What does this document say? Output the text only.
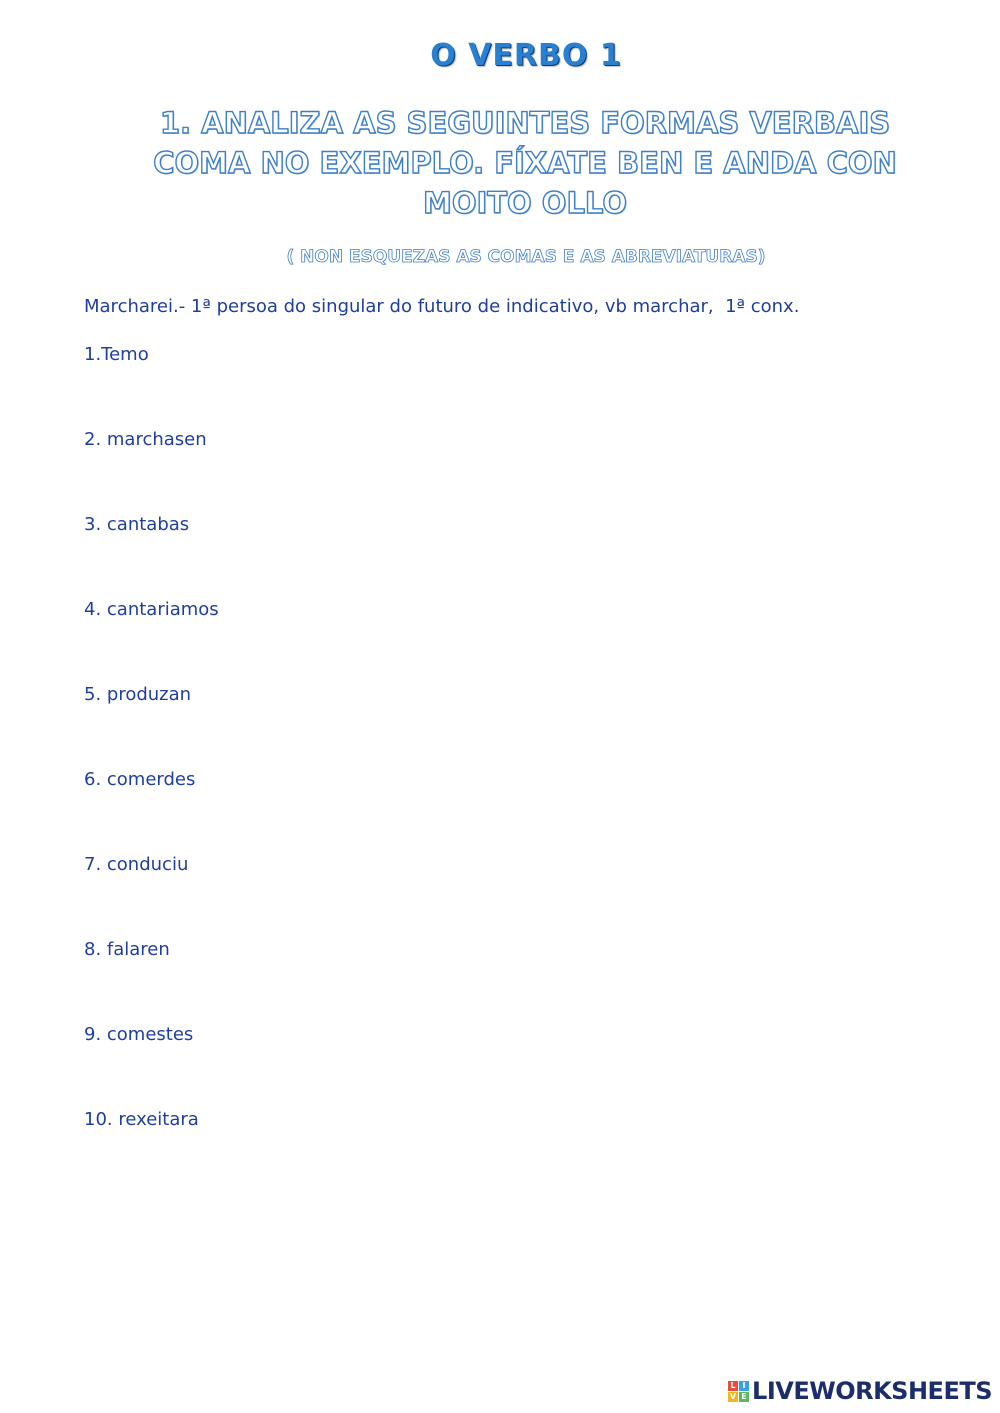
O VERBO 1
1. ANALIZA AS SEGUINTES FORMAS VERBAIS COMA NO EXEMPLO. FÍXATE BEN E ANDA CON MOITO OLLO
( NON ESQUEZAS AS COMAS E AS ABREVIATURAS)
Marcharei.- 1ª persoa do singular do futuro de indicativo, vb marchar,  1ª conx.
1.Temo
2. marchasen
3. cantabas
4. cantariamos
5. produzan
6. comerdes
7. conduciu
8. falaren
9. comestes
10. rexeitara
L I
V E LIVEWORKSHEETS
